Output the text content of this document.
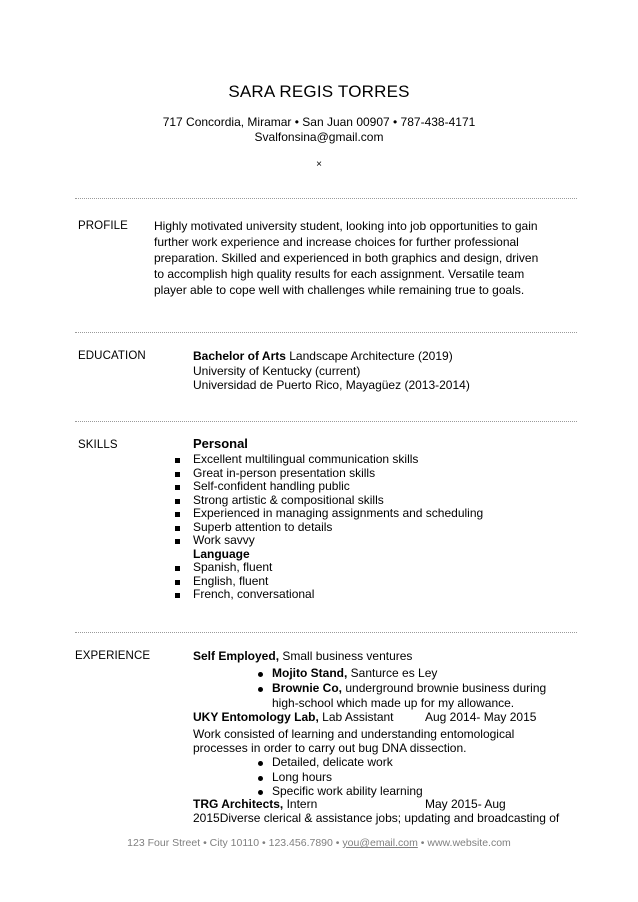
SARA REGIS TORRES
717 Concordia, Miramar • San Juan 00907 • 787-438-4171
Svalfonsina@gmail.com
×
PROFILE Highly motivated university student, looking into job opportunities to gain
further work experience and increase choices for further professional
preparation. Skilled and experienced in both graphics and design, driven
to accomplish high quality results for each assignment. Versatile team
player able to cope well with challenges while remaining true to goals.
EDUCATION	Bachelor of Arts Landscape Architecture (2019)
University of Kentucky (current)
Universidad de Puerto Rico, Mayagüez (2013-2014)
SKILLS	Personal
Excellent multilingual communication skills
Great in-person presentation skills
Self-confident handling public
Strong artistic & compositional skills
Experienced in managing assignments and scheduling
Superb attention to details
Work savvy
Language
Spanish, fluent
English, fluent
French, conversational
EXPERIENCE	Self Employed, Small business ventures
Mojito Stand, Santurce es Ley
Brownie Co, underground brownie business during
high-school which made up for my allowance.
UKY Entomology Lab, Lab Assistant	Aug 2014- May 2015
Work consisted of learning and understanding entomological
processes in order to carry out bug DNA dissection.
Detailed, delicate work
Long hours
Specific work ability learning
TRG Architects, Intern	May 2015- Aug
2015Diverse clerical & assistance jobs; updating and broadcasting of
123 Four Street • City 10110 • 123.456.7890 • you@email.com • www.website.com
